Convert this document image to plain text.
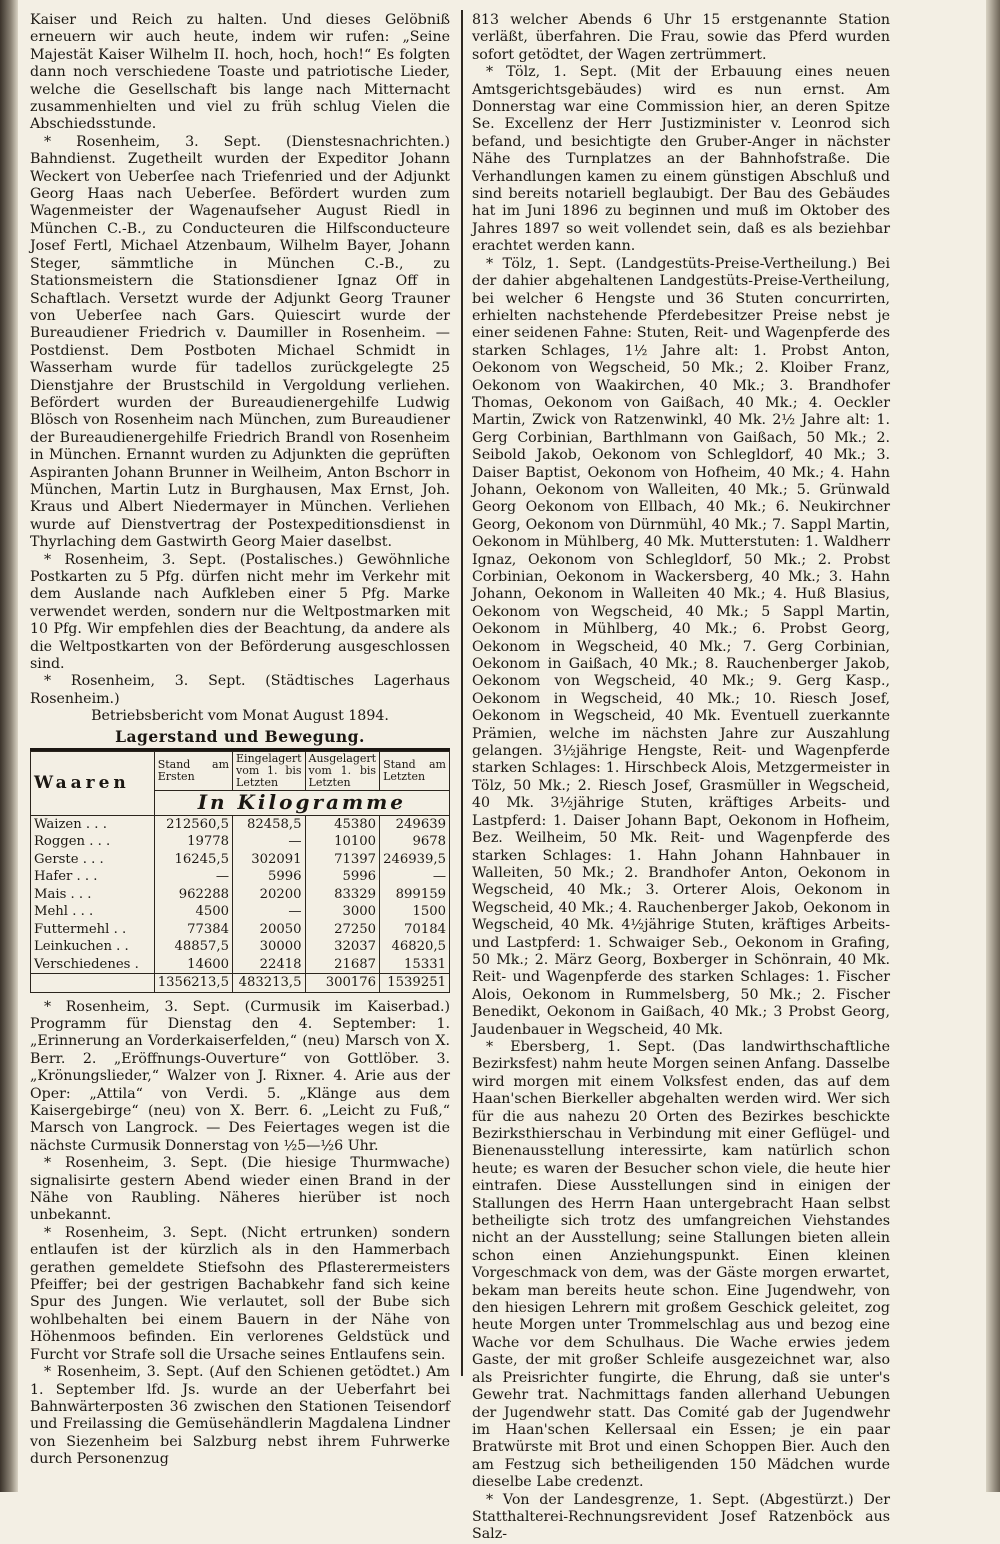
Kaiser und Reich zu halten. Und dieses Gelöbniß erneuern wir auch heute, indem wir rufen: „Seine Majestät Kaiser Wilhelm II. hoch, hoch, hoch!“ Es folgten dann noch verschiedene Toaste und patriotische Lieder, welche die Gesellschaft bis lange nach Mitternacht zusammenhielten und viel zu früh schlug Vielen die Abschiedsstunde.

* Rosenheim, 3. Sept. (Dienstesnachrichten.) Bahndienst. Zugetheilt wurden der Expeditor Johann Weckert von Ueberſee nach Triefenried und der Adjunkt Georg Haas nach Ueberſee. Befördert wurden zum Wagenmeister der Wagenaufseher August Riedl in München C.-B., zu Conducteuren die Hilfsconducteure Josef Fertl, Michael Atzenbaum, Wilhelm Bayer, Johann Steger, sämmtliche in München C.-B., zu Stationsmeistern die Stationsdiener Ignaz Off in Schaftlach. Versetzt wurde der Adjunkt Georg Trauner von Ueberſee nach Gars. Quiescirt wurde der Bureaudiener Friedrich v. Daumiller in Rosenheim. — Postdienst. Dem Postboten Michael Schmidt in Wasserham wurde für tadellos zurückgelegte 25 Dienstjahre der Brustschild in Vergoldung verliehen. Befördert wurden der Bureaudienergehilfe Ludwig Blösch von Rosenheim nach München, zum Bureaudiener der Bureaudienergehilfe Friedrich Brandl von Rosenheim in München. Ernannt wurden zu Adjunkten die geprüften Aspiranten Johann Brunner in Weilheim, Anton Bschorr in München, Martin Lutz in Burghausen, Max Ernst, Joh. Kraus und Albert Niedermayer in München. Verliehen wurde auf Dienstvertrag der Postexpeditionsdienst in Thyrlaching dem Gastwirth Georg Maier daselbst.

* Rosenheim, 3. Sept. (Postalisches.) Gewöhnliche Postkarten zu 5 Pfg. dürfen nicht mehr im Verkehr mit dem Auslande nach Aufkleben einer 5 Pfg. Marke verwendet werden, sondern nur die Weltpostmarken mit 10 Pfg. Wir empfehlen dies der Beachtung, da andere als die Weltpostkarten von der Beförderung ausgeschlossen sind.

* Rosenheim, 3. Sept. (Städtisches Lagerhaus Rosenheim.)

Betriebsbericht vom Monat August 1894.

Lagerstand und Bewegung.
Waaren	Stand am Ersten	Eingelagert vom 1. bis Letzten	Ausgelagert vom 1. bis Letzten	Stand am Letzten
	In Kilogramme			
Waizen . . .	212560,5	82458,5	45380	249639
Roggen . . .	19778	—	10100	9678
Gerste . . .	16245,5	302091	71397	246939,5
Hafer . . .	—	5996	5996	—
Mais . . .	962288	20200	83329	899159
Mehl . . .	4500	—	3000	1500
Futtermehl . .	77384	20050	27250	70184
Leinkuchen . .	48857,5	30000	32037	46820,5
Verschiedenes .	14600	22418	21687	15331
	1356213,5	483213,5	300176	1539251

* Rosenheim, 3. Sept. (Curmusik im Kaiserbad.) Programm für Dienstag den 4. September: 1. „Erinnerung an Vorderkaiserfelden,“ (neu) Marsch von X. Berr. 2. „Eröffnungs-Ouverture“ von Gottlöber. 3. „Krönungslieder,“ Walzer von J. Rixner. 4. Arie aus der Oper: „Attila“ von Verdi. 5. „Klänge aus dem Kaisergebirge“ (neu) von X. Berr. 6. „Leicht zu Fuß,“ Marsch von Langrock. — Des Feiertages wegen ist die nächste Curmusik Donnerstag von ½5—½6 Uhr.

* Rosenheim, 3. Sept. (Die hiesige Thurmwache) signalisirte gestern Abend wieder einen Brand in der Nähe von Raubling. Näheres hierüber ist noch unbekannt.

* Rosenheim, 3. Sept. (Nicht ertrunken) sondern entlaufen ist der kürzlich als in den Hammerbach gerathen gemeldete Stiefsohn des Pflasterermeisters Pfeiffer; bei der gestrigen Bachabkehr fand sich keine Spur des Jungen. Wie verlautet, soll der Bube sich wohlbehalten bei einem Bauern in der Nähe von Höhenmoos befinden. Ein verlorenes Geldstück und Furcht vor Strafe soll die Ursache seines Entlaufens sein.

* Rosenheim, 3. Sept. (Auf den Schienen getödtet.) Am 1. September lfd. Js. wurde an der Ueberfahrt bei Bahnwärterposten 36 zwischen den Stationen Teisendorf und Freilassing die Gemüsehändlerin Magdalena Lindner von Siezenheim bei Salzburg nebst ihrem Fuhrwerke durch Personenzug

813 welcher Abends 6 Uhr 15 erstgenannte Station verläßt, überfahren. Die Frau, sowie das Pferd wurden sofort getödtet, der Wagen zertrümmert.

* Tölz, 1. Sept. (Mit der Erbauung eines neuen Amtsgerichtsgebäudes) wird es nun ernst. Am Donnerstag war eine Commission hier, an deren Spitze Se. Excellenz der Herr Justizminister v. Leonrod sich befand, und besichtigte den Gruber-Anger in nächster Nähe des Turnplatzes an der Bahnhofstraße. Die Verhandlungen kamen zu einem günstigen Abschluß und sind bereits notariell beglaubigt. Der Bau des Gebäudes hat im Juni 1896 zu beginnen und muß im Oktober des Jahres 1897 so weit vollendet sein, daß es als beziehbar erachtet werden kann.

* Tölz, 1. Sept. (Landgestüts-Preise-Vertheilung.) Bei der dahier abgehaltenen Landgestüts-Preise-Vertheilung, bei welcher 6 Hengste und 36 Stuten concurrirten, erhielten nachstehende Pferdebesitzer Preise nebst je einer seidenen Fahne: Stuten, Reit- und Wagenpferde des starken Schlages, 1½ Jahre alt: 1. Probst Anton, Oekonom von Wegscheid, 50 Mk.; 2. Kloiber Franz, Oekonom von Waakirchen, 40 Mk.; 3. Brandhofer Thomas, Oekonom von Gaißach, 40 Mk.; 4. Oeckler Martin, Zwick von Ratzenwinkl, 40 Mk. 2½ Jahre alt: 1. Gerg Corbinian, Barthlmann von Gaißach, 50 Mk.; 2. Seibold Jakob, Oekonom von Schlegldorf, 40 Mk.; 3. Daiser Baptist, Oekonom von Hofheim, 40 Mk.; 4. Hahn Johann, Oekonom von Walleiten, 40 Mk.; 5. Grünwald Georg Oekonom von Ellbach, 40 Mk.; 6. Neukirchner Georg, Oekonom von Dürnmühl, 40 Mk.; 7. Sappl Martin, Oekonom in Mühlberg, 40 Mk. Mutterstuten: 1. Waldherr Ignaz, Oekonom von Schlegldorf, 50 Mk.; 2. Probst Corbinian, Oekonom in Wackersberg, 40 Mk.; 3. Hahn Johann, Oekonom in Walleiten 40 Mk.; 4. Huß Blasius, Oekonom von Wegscheid, 40 Mk.; 5 Sappl Martin, Oekonom in Mühlberg, 40 Mk.; 6. Probst Georg, Oekonom in Wegscheid, 40 Mk.; 7. Gerg Corbinian, Oekonom in Gaißach, 40 Mk.; 8. Rauchenberger Jakob, Oekonom von Wegscheid, 40 Mk.; 9. Gerg Kasp., Oekonom in Wegscheid, 40 Mk.; 10. Riesch Josef, Oekonom in Wegscheid, 40 Mk. Eventuell zuerkannte Prämien, welche im nächsten Jahre zur Auszahlung gelangen. 3½jährige Hengste, Reit- und Wagenpferde starken Schlages: 1. Hirschbeck Alois, Metzgermeister in Tölz, 50 Mk.; 2. Riesch Josef, Grasmüller in Wegscheid, 40 Mk. 3½jährige Stuten, kräftiges Arbeits- und Lastpferd: 1. Daiser Johann Bapt, Oekonom in Hofheim, Bez. Weilheim, 50 Mk. Reit- und Wagenpferde des starken Schlages: 1. Hahn Johann Hahnbauer in Walleiten, 50 Mk.; 2. Brandhofer Anton, Oekonom in Wegscheid, 40 Mk.; 3. Orterer Alois, Oekonom in Wegscheid, 40 Mk.; 4. Rauchenberger Jakob, Oekonom in Wegscheid, 40 Mk. 4½jährige Stuten, kräftiges Arbeits- und Lastpferd: 1. Schwaiger Seb., Oekonom in Grafing, 50 Mk.; 2. März Georg, Boxberger in Schönrain, 40 Mk. Reit- und Wagenpferde des starken Schlages: 1. Fischer Alois, Oekonom in Rummelsberg, 50 Mk.; 2. Fischer Benedikt, Oekonom in Gaißach, 40 Mk.; 3 Probst Georg, Jaudenbauer in Wegscheid, 40 Mk.

* Ebersberg, 1. Sept. (Das landwirthschaftliche Bezirksfest) nahm heute Morgen seinen Anfang. Dasselbe wird morgen mit einem Volksfest enden, das auf dem Haan'schen Bierkeller abgehalten werden wird. Wer sich für die aus nahezu 20 Orten des Bezirkes beschickte Bezirksthierschau in Verbindung mit einer Geflügel- und Bienenausstellung interessirte, kam natürlich schon heute; es waren der Besucher schon viele, die heute hier eintrafen. Diese Ausstellungen sind in einigen der Stallungen des Herrn Haan untergebracht Haan selbst betheiligte sich trotz des umfangreichen Viehstandes nicht an der Ausstellung; seine Stallungen bieten allein schon einen Anziehungspunkt. Einen kleinen Vorgeschmack von dem, was der Gäste morgen erwartet, bekam man bereits heute schon. Eine Jugendwehr, von den hiesigen Lehrern mit großem Geschick geleitet, zog heute Morgen unter Trommelschlag aus und bezog eine Wache vor dem Schulhaus. Die Wache erwies jedem Gaste, der mit großer Schleife ausgezeichnet war, also als Preisrichter fungirte, die Ehrung, daß sie unter's Gewehr trat. Nachmittags fanden allerhand Uebungen der Jugendwehr statt. Das Comité gab der Jugendwehr im Haan'schen Kellersaal ein Essen; je ein paar Bratwürste mit Brot und einen Schoppen Bier. Auch den am Festzug sich betheiligenden 150 Mädchen wurde dieselbe Labe credenzt.

* Von der Landesgrenze, 1. Sept. (Abgestürzt.) Der Statthalterei-Rechnungsrevident Josef Ratzenböck aus Salz-
